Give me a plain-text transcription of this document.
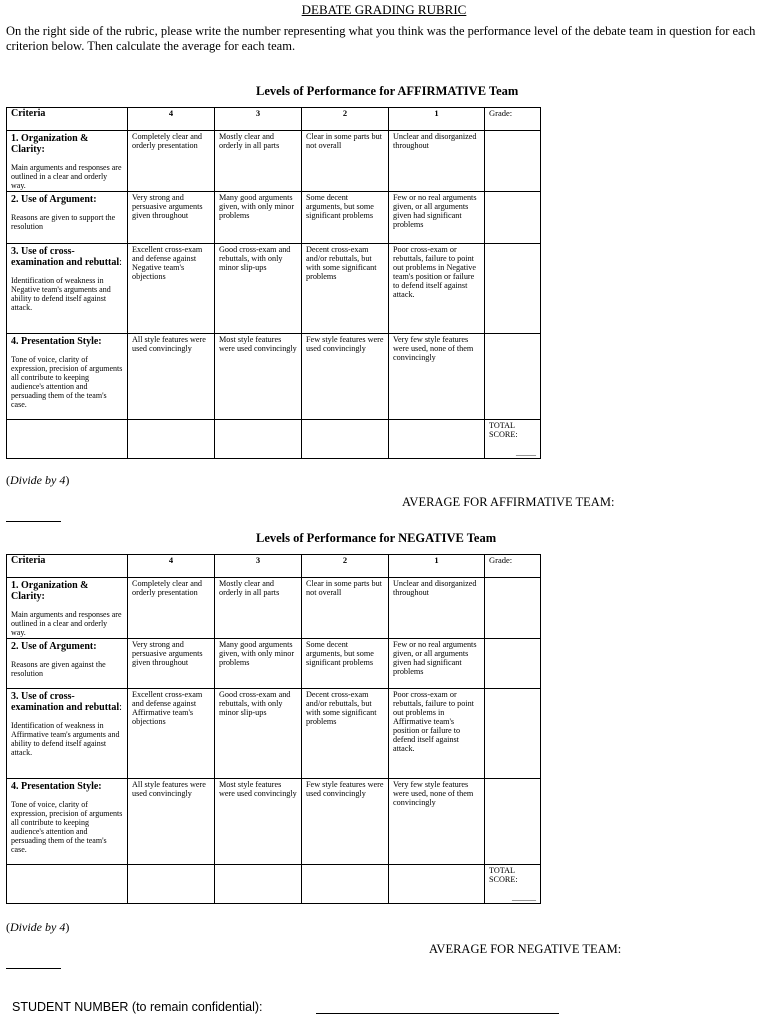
DEBATE GRADING RUBRIC
On the right side of the rubric, please write the number representing what you think was the performance level of the debate team in question for each criterion below. Then calculate the average for each team.
Levels of Performance for AFFIRMATIVE Team
Criteria	4	3	2	1	Grade:

1. Organization & Clarity:
Main arguments and responses are outlined in a clear and orderly way.	Completely clear and orderly presentation	Mostly clear and orderly in all parts	Clear in some parts but not overall	Unclear and disorganized throughout	

2. Use of Argument:
Reasons are given to support the resolution	Very strong and persuasive arguments given throughout	Many good arguments given, with only minor problems	Some decent arguments, but some significant problems	Few or no real arguments given, or all arguments given had significant problems	

3. Use of cross-examination and rebuttal:
Identification of weakness in Negative team's arguments and ability to defend itself against attack.	Excellent cross-exam and defense against Negative team's objections	Good cross-exam and rebuttals, with only minor slip-ups	Decent cross-exam and/or rebuttals, but with some significant problems	Poor cross-exam or rebuttals, failure to point out problems in Negative team's position or failure to defend itself against attack.	

4. Presentation Style:
Tone of voice, clarity of expression, precision of arguments all contribute to keeping audience's attention and persuading them of the team's case.	All style features were used convincingly	Most style features were used convincingly	Few style features were used convincingly	Very few style features were used, none of them convincingly	

					TOTAL SCORE:
_____
(Divide by 4)
AVERAGE FOR AFFIRMATIVE TEAM:
Levels of Performance for NEGATIVE Team
Criteria	4	3	2	1	Grade:

1. Organization & Clarity:
Main arguments and responses are outlined in a clear and orderly way.	Completely clear and orderly presentation	Mostly clear and orderly in all parts	Clear in some parts but not overall	Unclear and disorganized throughout	

2. Use of Argument:
Reasons are given against the resolution	Very strong and persuasive arguments given throughout	Many good arguments given, with only minor problems	Some decent arguments, but some significant problems	Few or no real arguments given, or all arguments given had significant problems	

3. Use of cross-examination and rebuttal:
Identification of weakness in Affirmative team's arguments and ability to defend itself against attack.	Excellent cross-exam and defense against Affirmative team's objections	Good cross-exam and rebuttals, with only minor slip-ups	Decent cross-exam and/or rebuttals, but with some significant problems	Poor cross-exam or rebuttals, failure to point out problems in Affirmative team's position or failure to defend itself against attack.	

4. Presentation Style:
Tone of voice, clarity of expression, precision of arguments all contribute to keeping audience's attention and persuading them of the team's case.	All style features were used convincingly	Most style features were used convincingly	Few style features were used convincingly	Very few style features were used, none of them convincingly	

					TOTAL SCORE:
______
(Divide by 4)
AVERAGE FOR NEGATIVE TEAM:
STUDENT NUMBER (to remain confidential):
